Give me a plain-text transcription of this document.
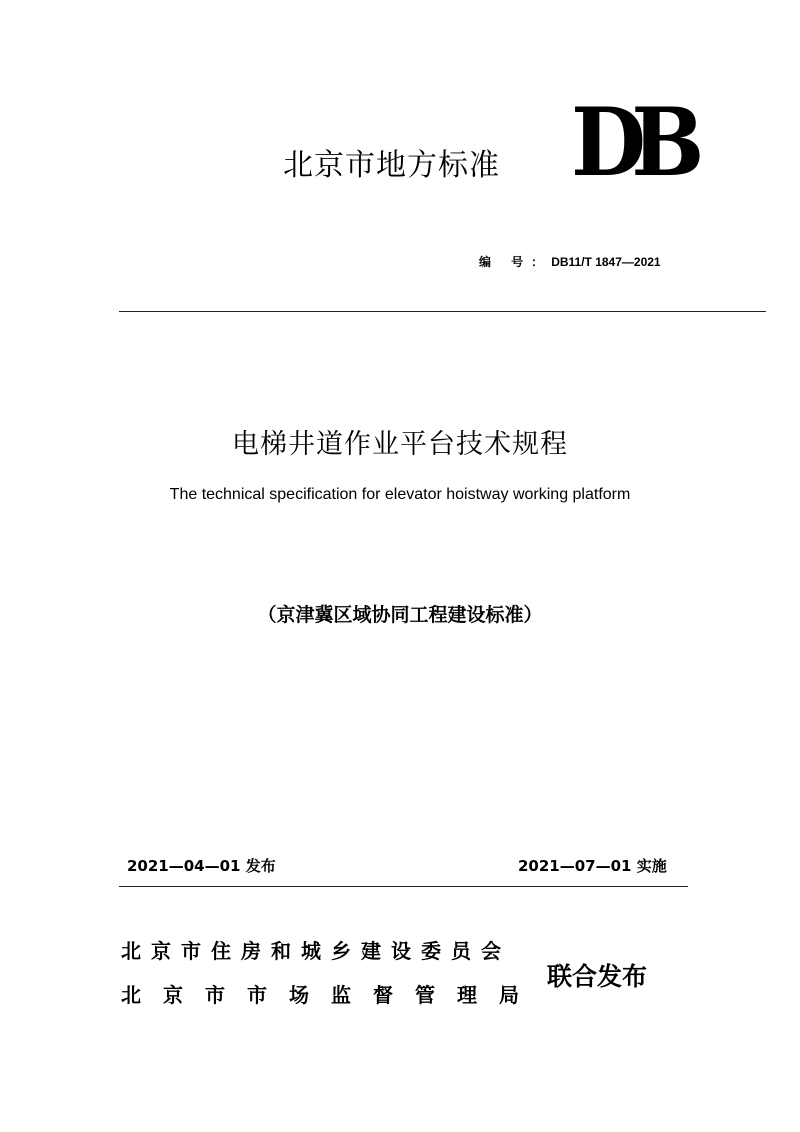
北京市地方标准 DB
编 号：DB11/T 1847—2021
电梯井道作业平台技术规程
The technical specification for elevator hoistway working platform
（京津冀区域协同工程建设标准）
2021—04—01 发布	2021—07—01 实施
北京市住房和城乡建设委员会
北京市市场监督管理局
联合发布
